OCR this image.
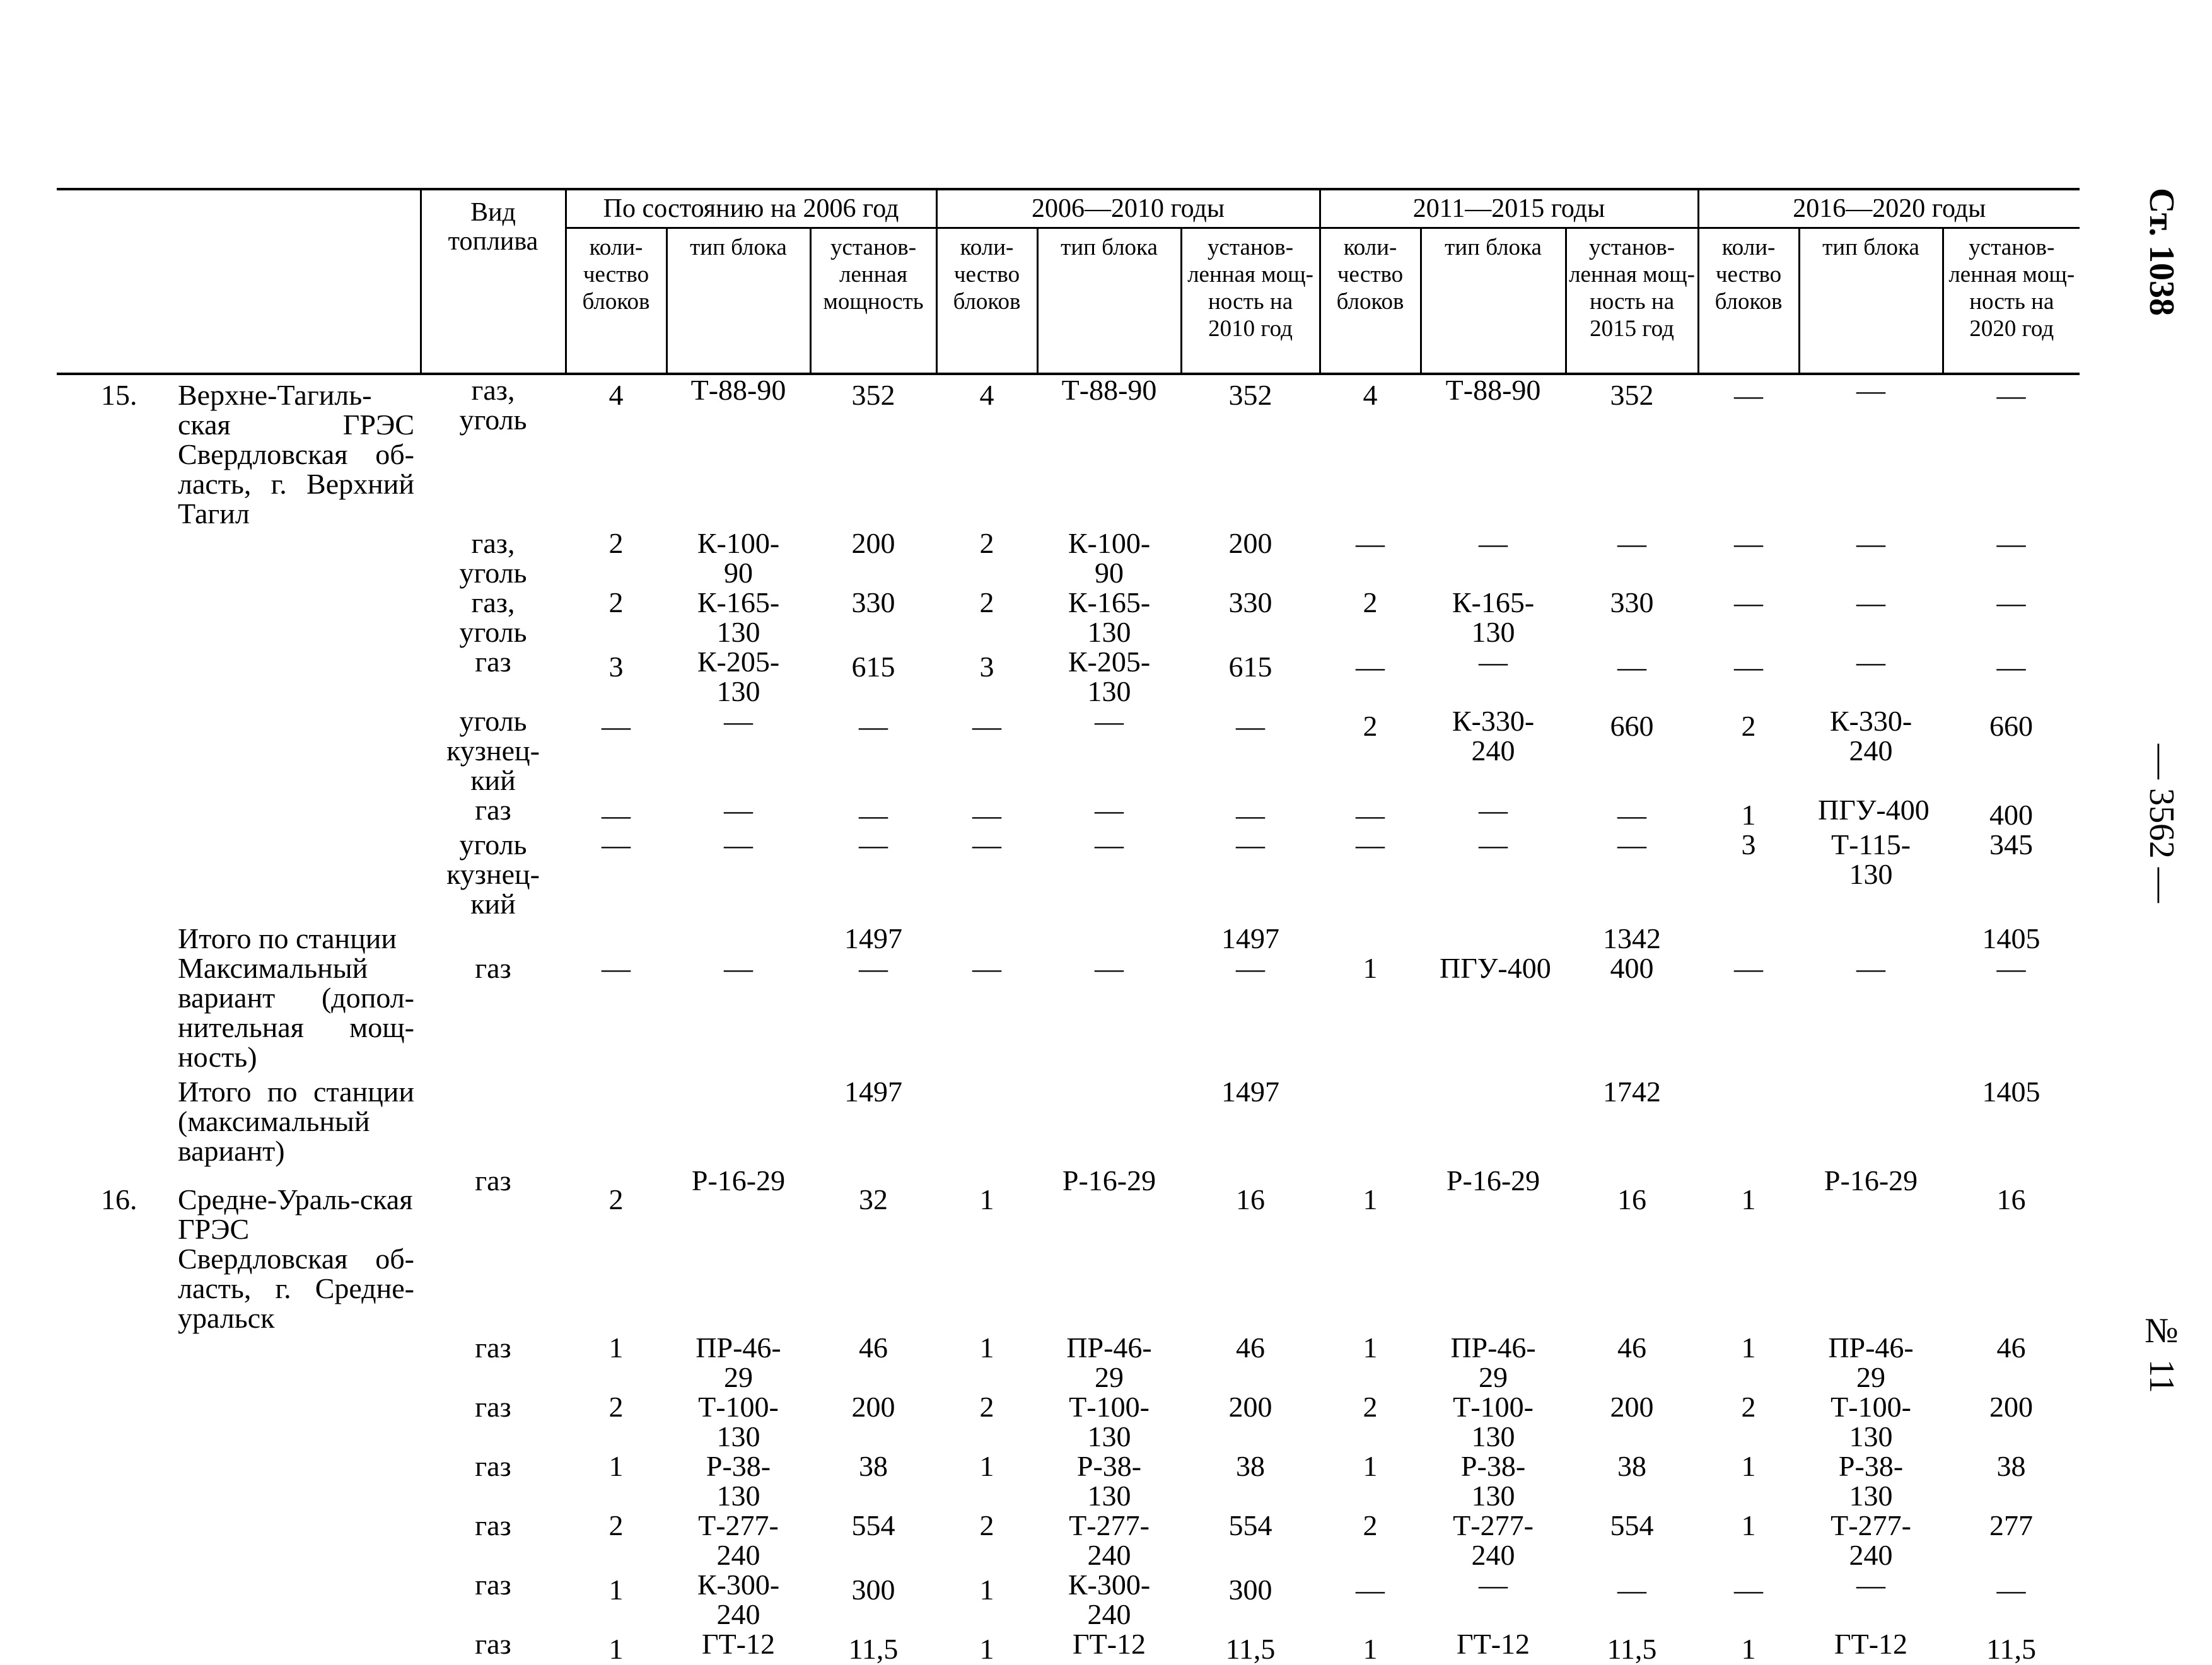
		Вид топлива	По состоянию на 2006 год			2006—2010 годы			2011—2015 годы			2016—2020 годы		
			коли-чество блоков	тип блока	установ-ленная мощность	коли-чество блоков	тип блока	установ-ленная мощ-ность на 2010 год	коли-чество блоков	тип блока	установ-ленная мощ-ность на 2015 год	коли-чество блоков	тип блока	установ-ленная мощ-ность на 2020 год
15.	Верхне-Тагиль-ская ГРЭС Свердловская об-ласть, г. Верхний Тагил	газ, уголь	4	Т-88-90	352	4	Т-88-90	352	4	Т-88-90	352	—	—	—

	газ, уголь	2	К-100-90	200	2	К-100-90	200	—	—	—	—	—	—

	газ, уголь	2	К-165-130	330	2	К-165-130	330	2	К-165-130	330	—	—	—

	газ	3	К-205-130	615	3	К-205-130	615	—	—	—	—	—	—

	уголь кузнец-кий	—	—	—	—	—	—	2	К-330-240	660	2	К-330-240	660

	газ	—	—	—	—	—	—	—	—	—	1	ПГУ-400	400

	уголь кузнец-кий	—	—	—	—	—	—	—	—	—	3	Т-115-130	345

	Итого по станции				1497			1497			1342			1405

	Максимальный вариант (допол-нительная мощ-ность)	газ	—	—	—	—	—	—	1	ПГУ-400	400	—	—	—

	Итого по станции (максимальный вариант)				1497			1497			1742			1405
16.	Средне-Ураль-ская ГРЭС Свердловская об-ласть, г. Средне-уральск	газ	2	Р-16-29	32	1	Р-16-29	16	1	Р-16-29	16	1	Р-16-29	16

	газ	1	ПР-46-29	46	1	ПР-46-29	46	1	ПР-46-29	46	1	ПР-46-29	46

	газ	2	Т-100-130	200	2	Т-100-130	200	2	Т-100-130	200	2	Т-100-130	200

	газ	1	Р-38-130	38	1	Р-38-130	38	1	Р-38-130	38	1	Р-38-130	38

	газ	2	Т-277-240	554	2	Т-277-240	554	2	Т-277-240	554	1	Т-277-240	277

	газ	1	К-300-240	300	1	К-300-240	300	—	—	—	—	—	—

	газ	1	ГТ-12	11,5	1	ГТ-12	11,5	1	ГТ-12	11,5	1	ГТ-12	11,5
Ст. 1038
— 3562 —
№ 11
